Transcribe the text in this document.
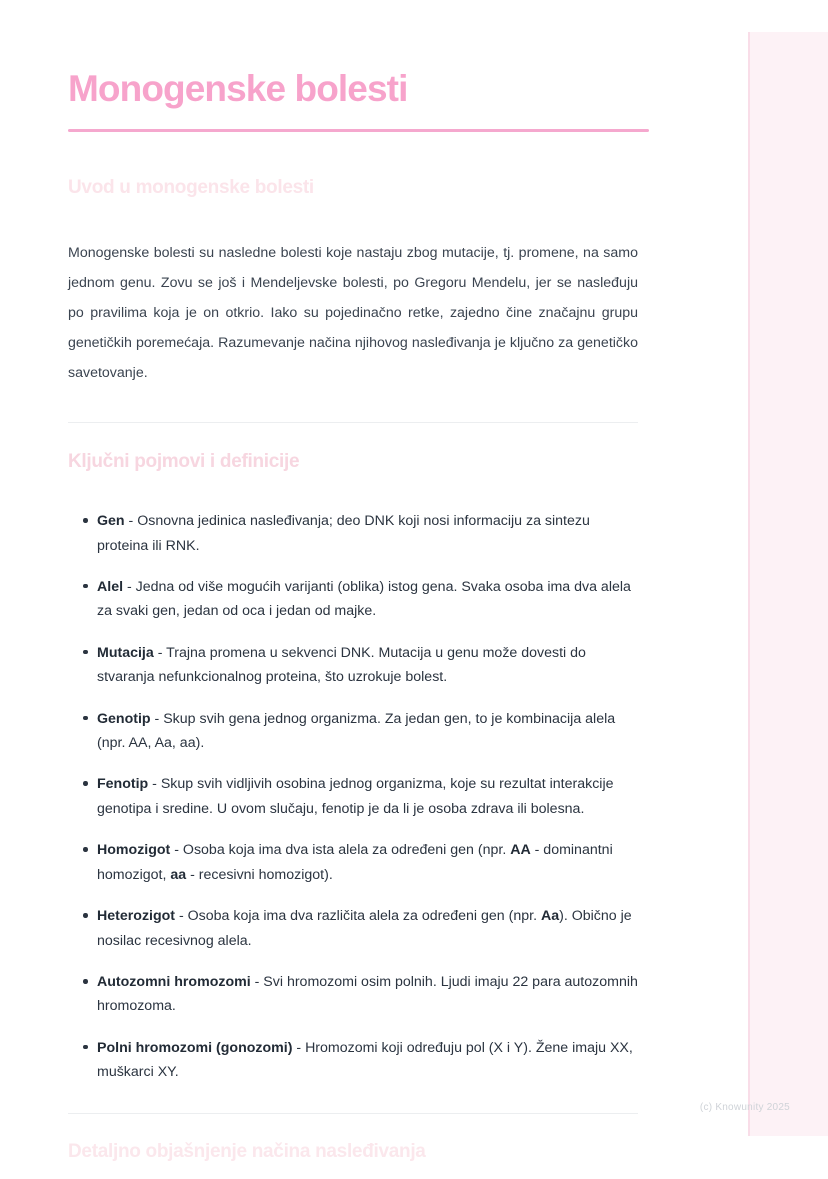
Monogenske bolesti
Uvod u monogenske bolesti

Monogenske bolesti su nasledne bolesti koje nastaju zbog mutacije, tj. promene, na samo jednom genu. Zovu se još i Mendeljevske bolesti, po Gregoru Mendelu, jer se nasleđuju po pravilima koja je on otkrio. Iako su pojedinačno retke, zajedno čine značajnu grupu genetičkih poremećaja. Razumevanje načina njihovog nasleđivanja je ključno za genetičko savetovanje.

Ključni pojmovi i definicije
Gen - Osnovna jedinica nasleđivanja; deo DNK koji nosi informaciju za sintezu proteina ili RNK.
Alel - Jedna od više mogućih varijanti (oblika) istog gena. Svaka osoba ima dva alela za svaki gen, jedan od oca i jedan od majke.
Mutacija - Trajna promena u sekvenci DNK. Mutacija u genu može dovesti do stvaranja nefunkcionalnog proteina, što uzrokuje bolest.
Genotip - Skup svih gena jednog organizma. Za jedan gen, to je kombinacija alela (npr. AA, Aa, aa).
Fenotip - Skup svih vidljivih osobina jednog organizma, koje su rezultat interakcije genotipa i sredine. U ovom slučaju, fenotip je da li je osoba zdrava ili bolesna.
Homozigot - Osoba koja ima dva ista alela za određeni gen (npr. AA - dominantni homozigot, aa - recesivni homozigot).
Heterozigot - Osoba koja ima dva različita alela za određeni gen (npr. Aa). Obično je nosilac recesivnog alela.
Autozomni hromozomi - Svi hromozomi osim polnih. Ljudi imaju 22 para autozomnih hromozoma.
Polni hromozomi (gonozomi) - Hromozomi koji određuju pol (X i Y). Žene imaju XX, muškarci XY.
Detaljno objašnjenje načina nasleđivanja
(c) Knowunity 2025
